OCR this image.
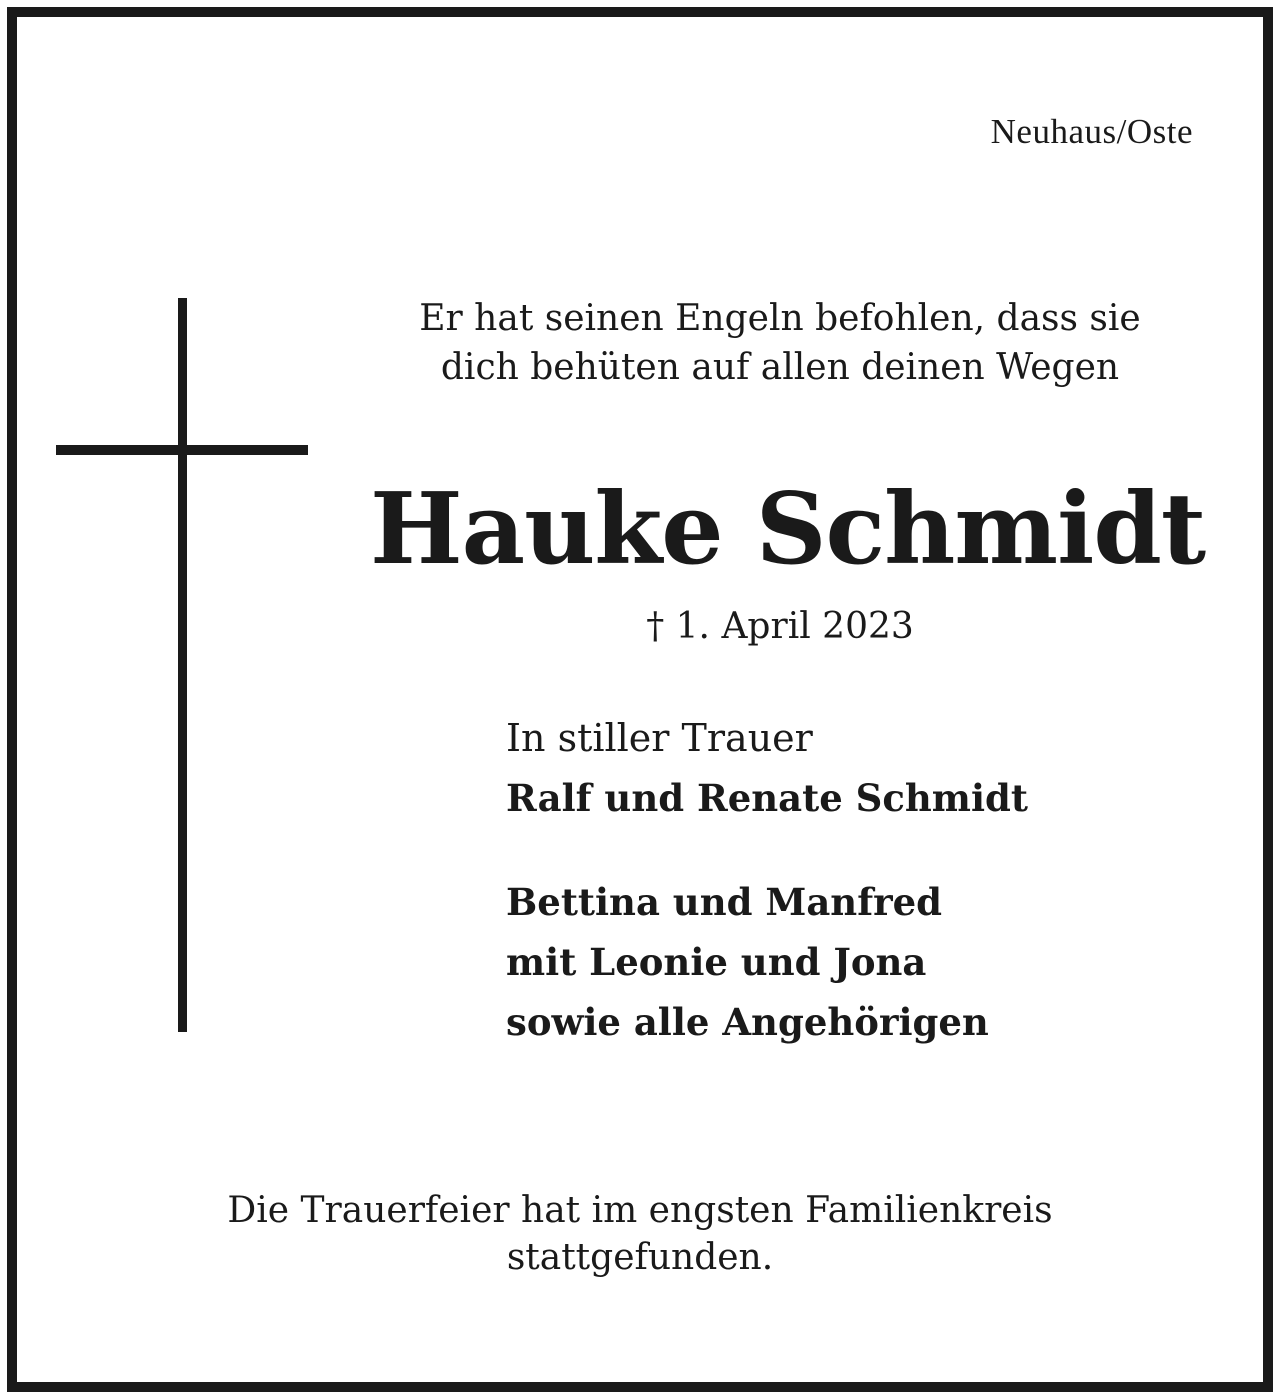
Neuhaus/Oste
Er hat seinen Engeln befohlen, dass sie
dich behüten auf allen deinen Wegen
Hauke Schmidt
† 1. April 2023
In stiller Trauer
Ralf und Renate Schmidt
Bettina und Manfred
mit Leonie und Jona
sowie alle Angehörigen
Die Trauerfeier hat im engsten Familienkreis
stattgefunden.
